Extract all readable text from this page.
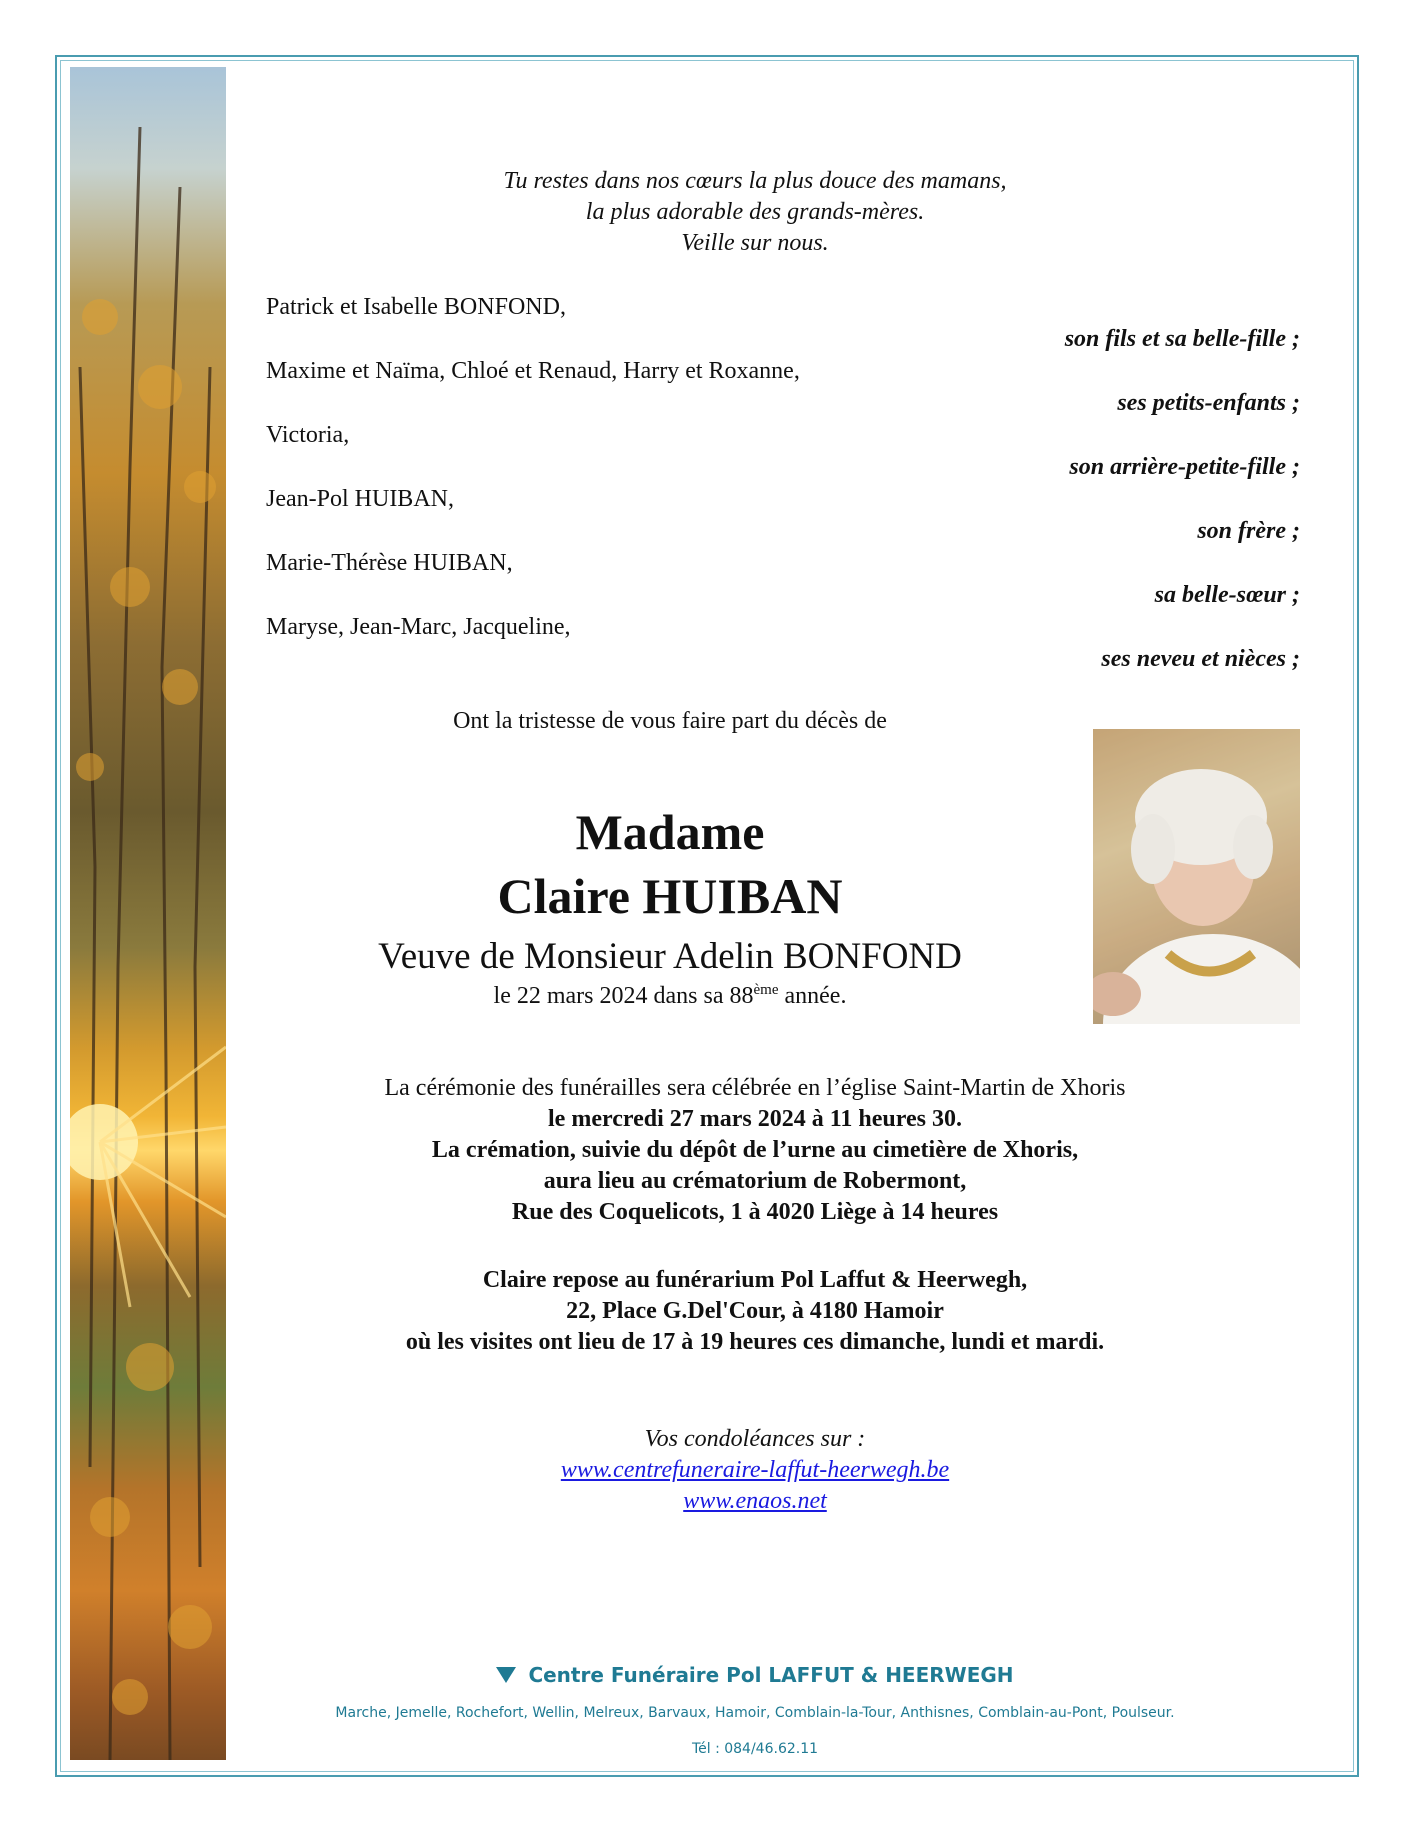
Tu restes dans nos cœurs la plus douce des mamans,
la plus adorable des grands-mères.
Veille sur nous.
Patrick et Isabelle BONFOND,
son fils et sa belle-fille ;
Maxime et Naïma, Chloé et Renaud, Harry et Roxanne,
ses petits-enfants ;
Victoria,
son arrière-petite-fille ;
Jean-Pol HUIBAN,
son frère ;
Marie-Thérèse HUIBAN,
sa belle-sœur ;
Maryse, Jean-Marc, Jacqueline,
ses neveu et nièces ;
Ont la tristesse de vous faire part du décès de
Madame
Claire HUIBAN
Veuve de Monsieur Adelin BONFOND
le 22 mars 2024 dans sa 88ème année.
La cérémonie des funérailles sera célébrée en l’église Saint-Martin de Xhoris
le mercredi 27 mars 2024 à 11 heures 30.
La crémation, suivie du dépôt de l’urne au cimetière de Xhoris,
aura lieu au crématorium de Robermont,
Rue des Coquelicots, 1 à 4020 Liège à 14 heures
Claire repose au funérarium Pol Laffut & Heerwegh,
22, Place G.Del'Cour, à 4180 Hamoir
où les visites ont lieu de 17 à 19 heures ces dimanche, lundi et mardi.
Vos condoléances sur :
www.centrefuneraire-laffut-heerwegh.be
www.enaos.net
Centre Funéraire Pol LAFFUT & HEERWEGH
Marche, Jemelle, Rochefort, Wellin, Melreux, Barvaux, Hamoir, Comblain-la-Tour, Anthisnes, Comblain-au-Pont, Poulseur.
Tél : 084/46.62.11
